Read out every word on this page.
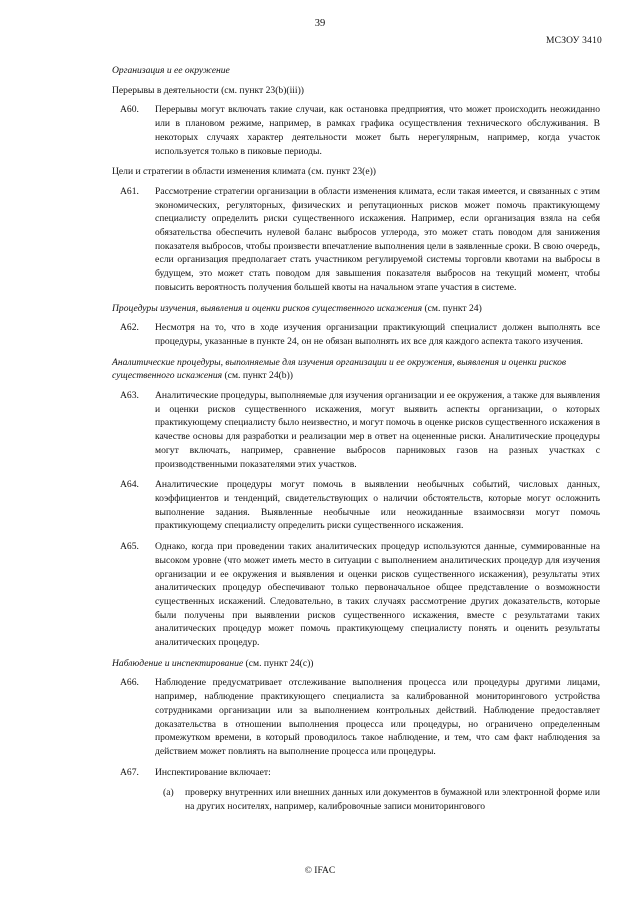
39
МСЗОУ 3410
Организация и ее окружение
Перерывы в деятельности (см. пункт 23(b)(iii))
A60.	Перерывы могут включать такие случаи, как остановка предприятия, что может происходить неожиданно или в плановом режиме, например, в рамках графика осуществления технического обслуживания. В некоторых случаях характер деятельности может быть нерегулярным, например, когда участок используется только в пиковые периоды.
Цели и стратегии в области изменения климата (см. пункт 23(e))
A61.	Рассмотрение стратегии организации в области изменения климата, если такая имеется, и связанных с этим экономических, регуляторных, физических и репутационных рисков может помочь практикующему специалисту определить риски существенного искажения. Например, если организация взяла на себя обязательства обеспечить нулевой баланс выбросов углерода, это может стать поводом для занижения показателя выбросов, чтобы произвести впечатление выполнения цели в заявленные сроки. В свою очередь, если организация предполагает стать участником регулируемой системы торговли квотами на выбросы в будущем, это может стать поводом для завышения показателя выбросов на текущий момент, чтобы повысить вероятность получения большей квоты на начальном этапе участия в системе.
Процедуры изучения, выявления и оценки рисков существенного искажения (см. пункт 24)
A62.	Несмотря на то, что в ходе изучения организации практикующий специалист должен выполнять все процедуры, указанные в пункте 24, он не обязан выполнять их все для каждого аспекта такого изучения.
Аналитические процедуры, выполняемые для изучения организации и ее окружения, выявления и оценки рисков существенного искажения (см. пункт 24(b))
A63.	Аналитические процедуры, выполняемые для изучения организации и ее окружения, а также для выявления и оценки рисков существенного искажения, могут выявить аспекты организации, о которых практикующему специалисту было неизвестно, и могут помочь в оценке рисков существенного искажения в качестве основы для разработки и реализации мер в ответ на оцененные риски. Аналитические процедуры могут включать, например, сравнение выбросов парниковых газов на разных участках с производственными показателями этих участков.
A64.	Аналитические процедуры могут помочь в выявлении необычных событий, числовых данных, коэффициентов и тенденций, свидетельствующих о наличии обстоятельств, которые могут осложнить выполнение задания. Выявленные необычные или неожиданные взаимосвязи могут помочь практикующему специалисту определить риски существенного искажения.
A65.	Однако, когда при проведении таких аналитических процедур используются данные, суммированные на высоком уровне (что может иметь место в ситуации с выполнением аналитических процедур для изучения организации и ее окружения и выявления и оценки рисков существенного искажения), результаты этих аналитических процедур обеспечивают только первоначальное общее представление о возможности существенных искажений. Следовательно, в таких случаях рассмотрение других доказательств, которые были получены при выявлении рисков существенного искажения, вместе с результатами таких аналитических процедур может помочь практикующему специалисту понять и оценить результаты аналитических процедур.
Наблюдение и инспектирование (см. пункт 24(c))
A66.	Наблюдение предусматривает отслеживание выполнения процесса или процедуры другими лицами, например, наблюдение практикующего специалиста за калиброванной мониторингового устройства сотрудниками организации или за выполнением контрольных действий. Наблюдение предоставляет доказательства в отношении выполнения процесса или процедуры, но ограничено определенным промежутком времени, в который проводилось такое наблюдение, и тем, что сам факт наблюдения за действием может повлиять на выполнение процесса или процедуры.
A67.	Инспектирование включает:
(a)	проверку внутренних или внешних данных или документов в бумажной или электронной форме или на других носителях, например, калибровочные записи мониторингового
© IFAC
